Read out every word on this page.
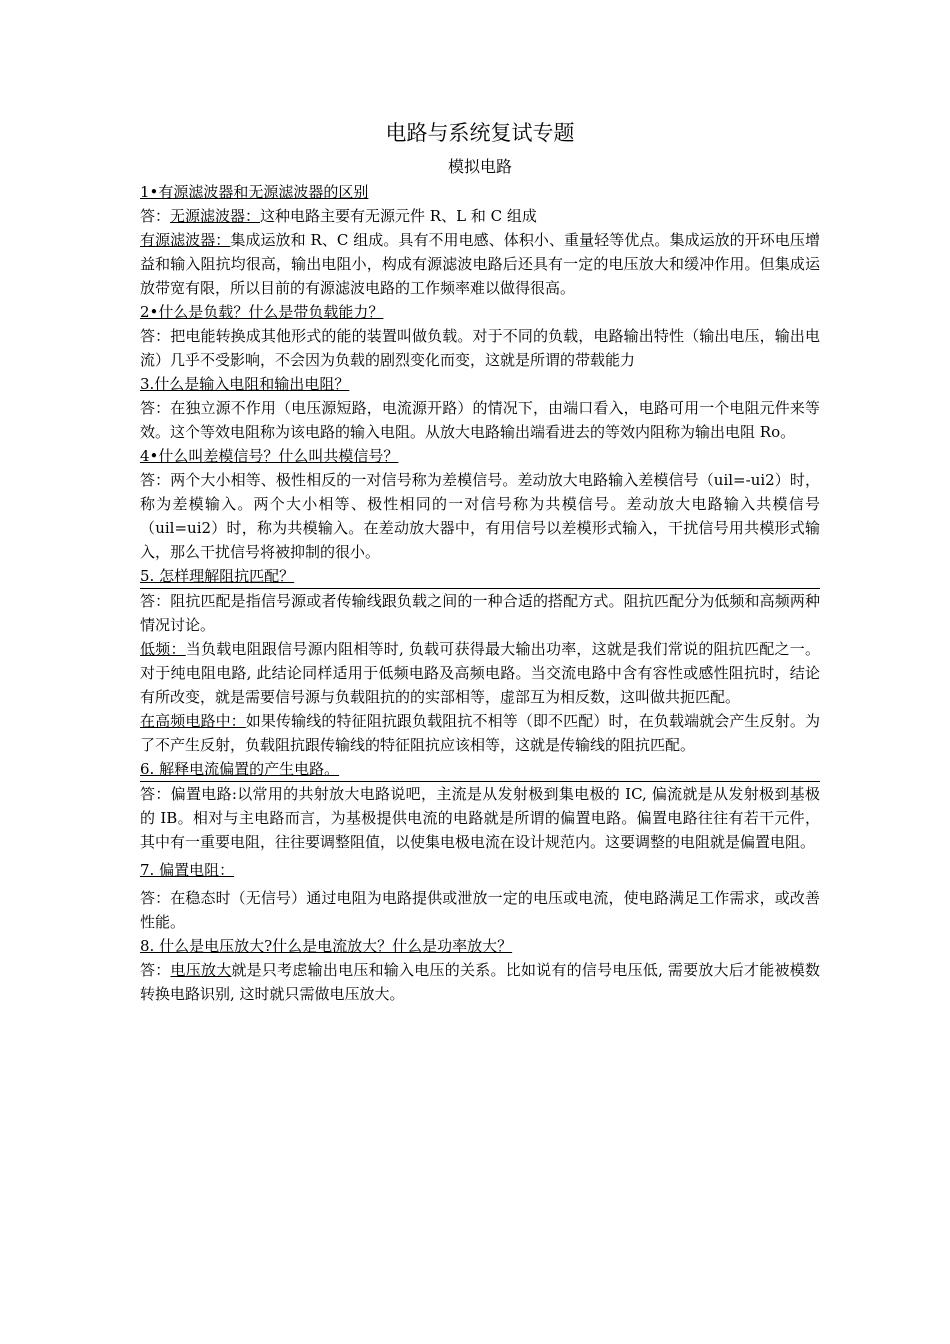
电路与系统复试专题
模拟电路
1•有源滤波器和无源滤波器的区别
答：无源滤波器：这种电路主要有无源元件 R、L 和 C 组成
有源滤波器：集成运放和 R、C 组成。具有不用电感、体积小、重量轻等优点。集成运放的开环电压增益和输入阻抗均很高，输出电阻小，构成有源滤波电路后还具有一定的电压放大和缓冲作用。但集成运放带宽有限，所以目前的有源滤波电路的工作频率难以做得很高。
2•什么是负载？什么是带负载能力？
答：把电能转换成其他形式的能的装置叫做负载。对于不同的负载，电路输出特性（输出电压，输出电流）几乎不受影响，不会因为负载的剧烈变化而变，这就是所谓的带载能力
3.什么是输入电阻和输出电阻？
答：在独立源不作用（电压源短路，电流源开路）的情况下，由端口看入，电路可用一个电阻元件来等效。这个等效电阻称为该电路的输入电阻。从放大电路输出端看进去的等效内阻称为输出电阻 Ro。
4•什么叫差模信号？什么叫共模信号？
答：两个大小相等、极性相反的一对信号称为差模信号。差动放大电路输入差模信号（uil=-ui2）时，称为差模输入。两个大小相等、极性相同的一对信号称为共模信号。差动放大电路输入共模信号（uil=ui2）时，称为共模输入。在差动放大器中，有用信号以差模形式输入，干扰信号用共模形式输入，那么干扰信号将被抑制的很小。
5. 怎样理解阻抗匹配？
答：阻抗匹配是指信号源或者传输线跟负载之间的一种合适的搭配方式。阻抗匹配分为低频和高频两种情况讨论。
低频：当负载电阻跟信号源内阻相等时, 负载可获得最大输出功率，这就是我们常说的阻抗匹配之一。对于纯电阻电路, 此结论同样适用于低频电路及高频电路。当交流电路中含有容性或感性阻抗时，结论有所改变，就是需要信号源与负载阻抗的的实部相等，虚部互为相反数，这叫做共扼匹配。
在高频电路中：如果传输线的特征阻抗跟负载阻抗不相等（即不匹配）时，在负载端就会产生反射。为了不产生反射，负载阻抗跟传输线的特征阻抗应该相等，这就是传输线的阻抗匹配。
6. 解释电流偏置的产生电路。
答：偏置电路:以常用的共射放大电路说吧，主流是从发射极到集电极的 IC, 偏流就是从发射极到基极的 IB。相对与主电路而言，为基极提供电流的电路就是所谓的偏置电路。偏置电路往往有若干元件，其中有一重要电阻，往往要调整阻值，以使集电极电流在设计规范内。这要调整的电阻就是偏置电阻。
7. 偏置电阻：
答：在稳态时（无信号）通过电阻为电路提供或泄放一定的电压或电流，使电路满足工作需求，或改善性能。
8. 什么是电压放大?什么是电流放大？什么是功率放大？
答：电压放大就是只考虑输出电压和输入电压的关系。比如说有的信号电压低, 需要放大后才能被模数转换电路识别, 这时就只需做电压放大。
